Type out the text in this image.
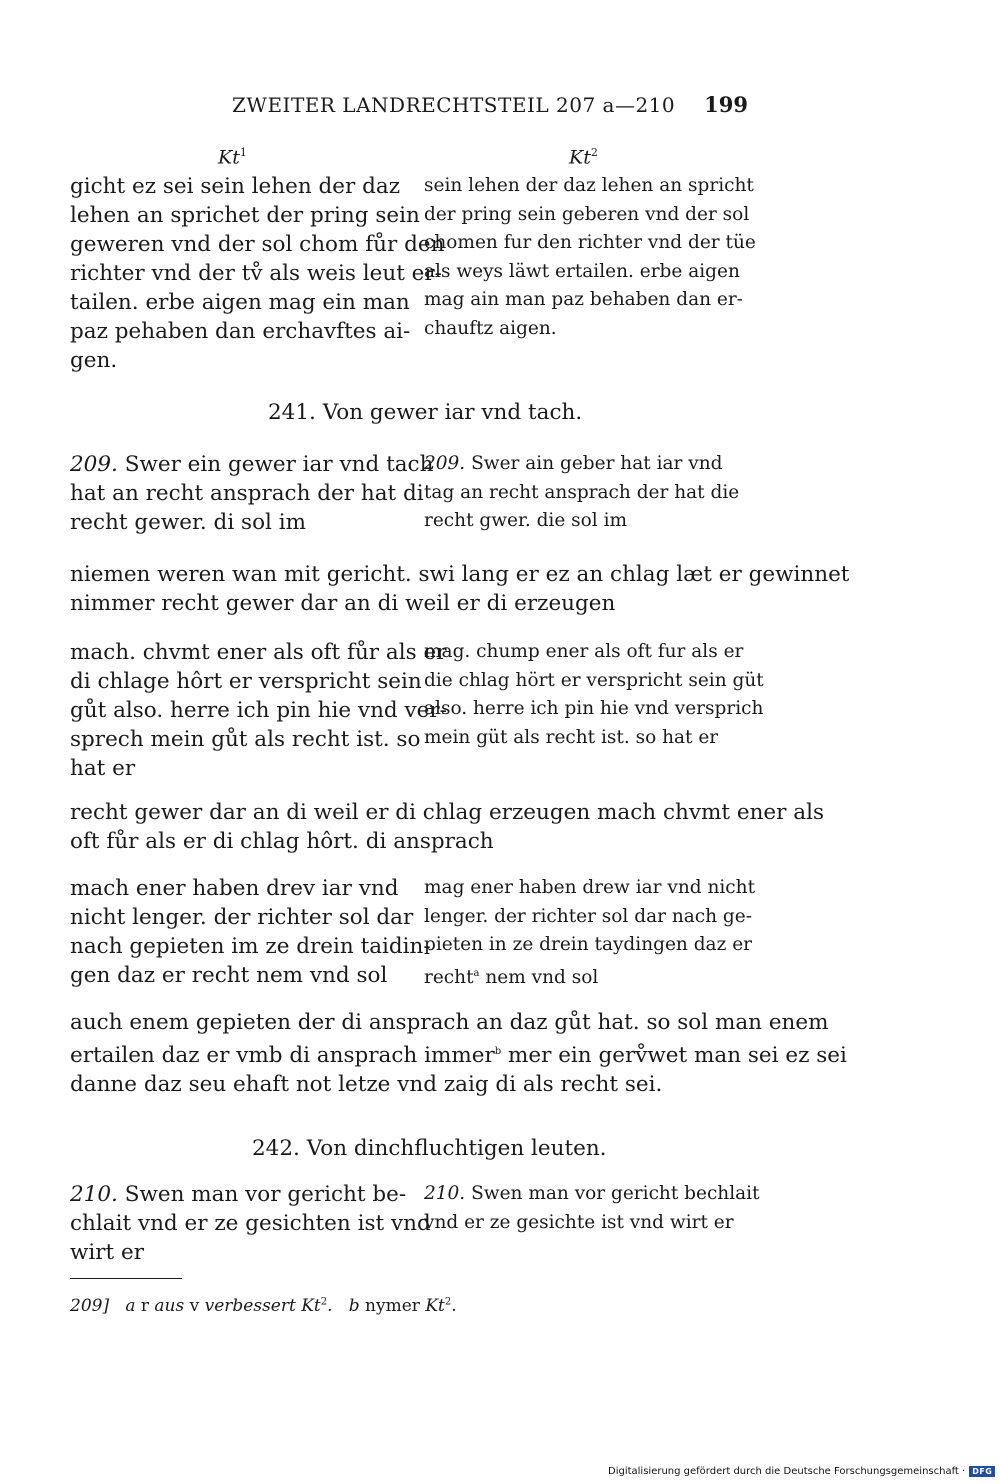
ZWEITER LANDRECHTSTEIL 207 a—210 199
Kt$^1$	Kt$^2$
gicht ez sei sein lehen der daz
lehen an sprichet der pring sein
geweren vnd der sol chom fůr den
richter vnd der tv̊ als weis leut er-
tailen. erbe aigen mag ein man
paz pehaben dan erchavftes ai-
gen.
sein lehen der daz lehen an spricht
der pring sein geberen vnd der sol
chomen fur den richter vnd der tüe
als weys läwt ertailen. erbe aigen
mag ain man paz behaben dan er-
chauftz aigen.
241. Von gewer iar vnd tach.
209. Swer ein gewer iar vnd tach
hat an recht ansprach der hat di
recht gewer. di sol im
209. Swer ain geber hat iar vnd
tag an recht ansprach der hat die
recht gwer. die sol im
niemen weren wan mit gericht. swi lang er ez an chlag læt er gewinnet
nimmer recht gewer dar an di weil er di erzeugen
mach. chvmt ener als oft fůr als er
di chlage hôrt er verspricht sein
gůt also. herre ich pin hie vnd ver-
sprech mein gůt als recht ist. so
hat er
mag. chump ener als oft fur als er
die chlag hört er verspricht sein güt
also. herre ich pin hie vnd versprich
mein güt als recht ist. so hat er
recht gewer dar an di weil er di chlag erzeugen mach chvmt ener als
oft fůr als er di chlag hôrt. di ansprach
mach ener haben drev iar vnd
nicht lenger. der richter sol dar
nach gepieten im ze drein taidin-
gen daz er recht nem vnd sol
mag ener haben drew iar vnd nicht
lenger. der richter sol dar nach ge-
pieten in ze drein taydingen daz er
recht$^a$ nem vnd sol
auch enem gepieten der di ansprach an daz gůt hat. so sol man enem
ertailen daz er vmb di ansprach immer$^b$ mer ein gerv̊wet man sei ez sei
danne daz seu ehaft not letze vnd zaig di als recht sei.
242. Von dinchfluchtigen leuten.
210. Swen man vor gericht be-
chlait vnd er ze gesichten ist vnd
wirt er
210. Swen man vor gericht bechlait
vnd er ze gesichte ist vnd wirt er
209] a r aus v verbessert Kt$^2$. b nymer Kt$^2$.
Digitalisierung gefördert durch die Deutsche Forschungsgemeinschaft · DFG
